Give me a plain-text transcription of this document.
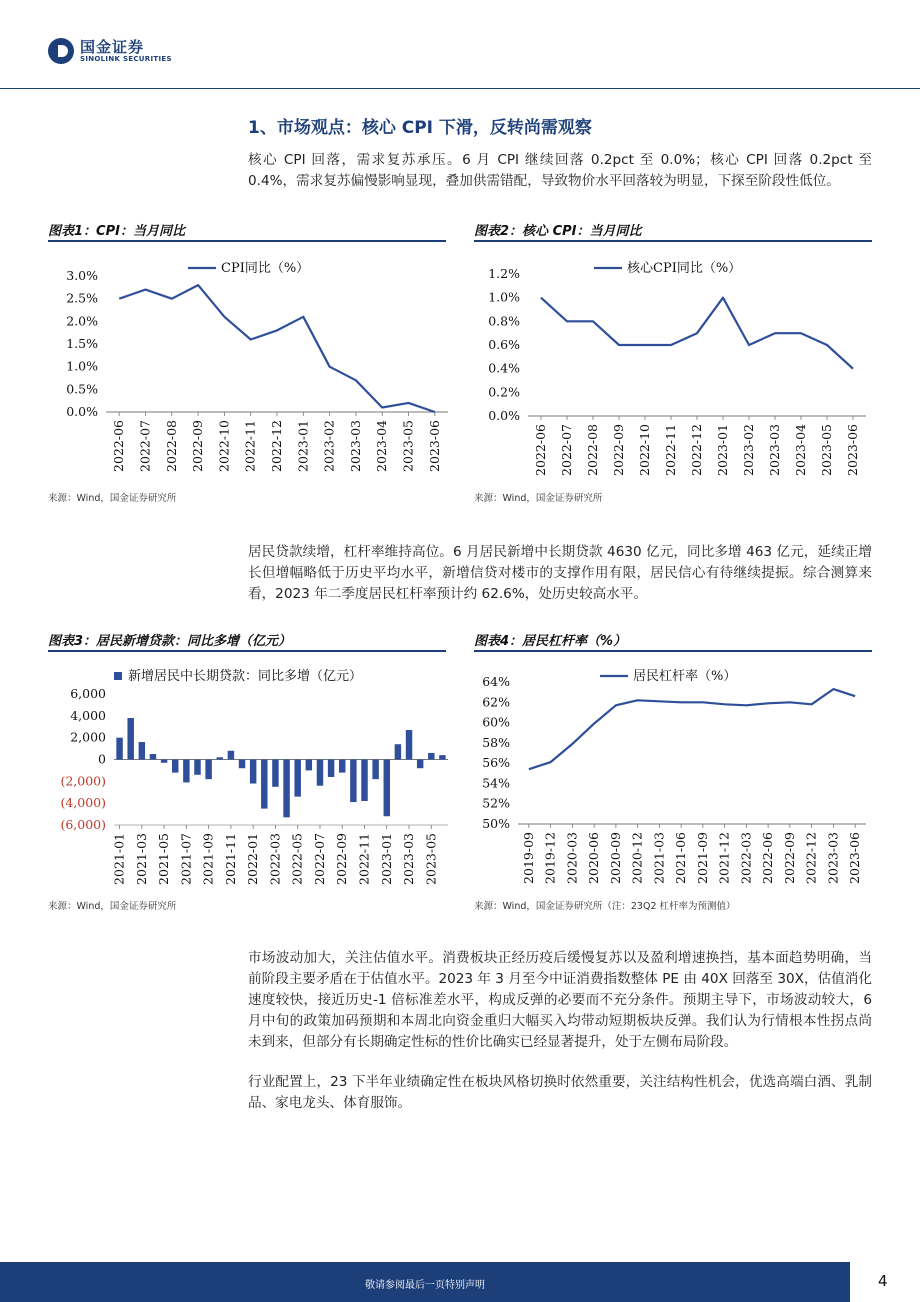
国金证券
SINOLINK SECURITIES
1、市场观点：核心 CPI 下滑，反转尚需观察
核心 CPI 回落，需求复苏承压。6 月 CPI 继续回落 0.2pct 至 0.0%；核心 CPI 回落 0.2pct 至 0.4%，需求复苏偏慢影响显现，叠加供需错配，导致物价水平回落较为明显，下探至阶段性低位。
图表1：CPI：当月同比	图表2：核心 CPI：当月同比
0.0%
0.5%
1.0%
1.5%
2.0%
2.5%
3.0%
2022-06 2022-07 2022-08 2022-09 2022-10 2022-11 2022-12 2023-01 2023-02 2023-03 2023-04 2023-05 2023-06
CPI同比（%）
0.0%
0.2%
0.4%
0.6%
0.8%
1.0%
1.2%
2022-06 2022-07 2022-08 2022-09 2022-10 2022-11 2022-12 2023-01 2023-02 2023-03 2023-04 2023-05 2023-06
核心CPI同比（%）
来源：Wind，国金证券研究所	来源：Wind，国金证券研究所
居民贷款续增，杠杆率维持高位。6 月居民新增中长期贷款 4630 亿元，同比多增 463 亿元，延续正增长但增幅略低于历史平均水平，新增信贷对楼市的支撑作用有限，居民信心有待继续提振。综合测算来看，2023 年二季度居民杠杆率预计约 62.6%，处历史较高水平。
图表3：居民新增贷款：同比多增（亿元）	图表4：居民杠杆率（%）
(6,000)
(4,000)
(2,000)
0
2,000
4,000
6,000
2021-01 2021-03 2021-05 2021-07 2021-09 2021-11 2022-01 2022-03 2022-05 2022-07 2022-09 2022-11 2023-01 2023-03 2023-05
新增居民中长期贷款：同比多增（亿元）
50%
52%
54%
56%
58%
60%
62%
64%
2019-09 2019-12 2020-03 2020-06 2020-09 2020-12 2021-03 2021-06 2021-09 2021-12 2022-03 2022-06 2022-09 2022-12 2023-03 2023-06
居民杠杆率（%）
来源：Wind，国金证券研究所	来源：Wind，国金证券研究所（注：23Q2 杠杆率为预测值）
市场波动加大，关注估值水平。消费板块正经历疫后缓慢复苏以及盈利增速换挡，基本面趋势明确，当前阶段主要矛盾在于估值水平。2023 年 3 月至今中证消费指数整体 PE 由 40X 回落至 30X，估值消化速度较快，接近历史-1 倍标准差水平，构成反弹的必要而不充分条件。预期主导下，市场波动较大，6 月中旬的政策加码预期和本周北向资金重归大幅买入均带动短期板块反弹。我们认为行情根本性拐点尚未到来，但部分有长期确定性标的性价比确实已经显著提升，处于左侧布局阶段。
行业配置上，23 下半年业绩确定性在板块风格切换时依然重要，关注结构性机会，优选高端白酒、乳制品、家电龙头、体育服饰。
敬请参阅最后一页特别声明	4
